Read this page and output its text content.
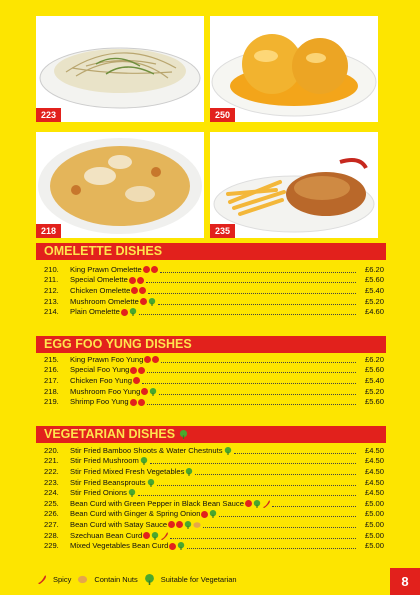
223	250
218	235
OMELETTE DISHES
210.	King Prawn Omelette	£6.20
211.	Special Omelette	£5.60
212.	Chicken Omelette	£5.40
213.	Mushroom Omelette	£5.20
214.	Plain Omelette	£4.60
EGG FOO YUNG DISHES
215.	King Prawn Foo Yung	£6.20
216.	Special Foo Yung	£5.60
217.	Chicken Foo Yung	£5.40
218.	Mushroom Foo Yung	£5.20
219.	Shrimp Foo Yung	£5.60
VEGETARIAN DISHES
220.	Stir Fried Bamboo Shoots & Water Chestnuts	£4.50
221.	Stir Fried Mushroom	£4.50
222.	Stir Fried Mixed Fresh Vegetables	£4.50
223.	Stir Fried Beansprouts	£4.50
224.	Stir Fried Onions	£4.50
225.	Bean Curd with Green Pepper in Black Bean Sauce	£5.00
226.	Bean Curd with Ginger & Spring Onion	£5.00
227.	Bean Curd with Satay Sauce	£5.00
228.	Szechuan Bean Curd	£5.00
229.	Mixed Vegetables Bean Curd	£5.00
Spicy	Contain Nuts	Suitable for Vegetarian	8
